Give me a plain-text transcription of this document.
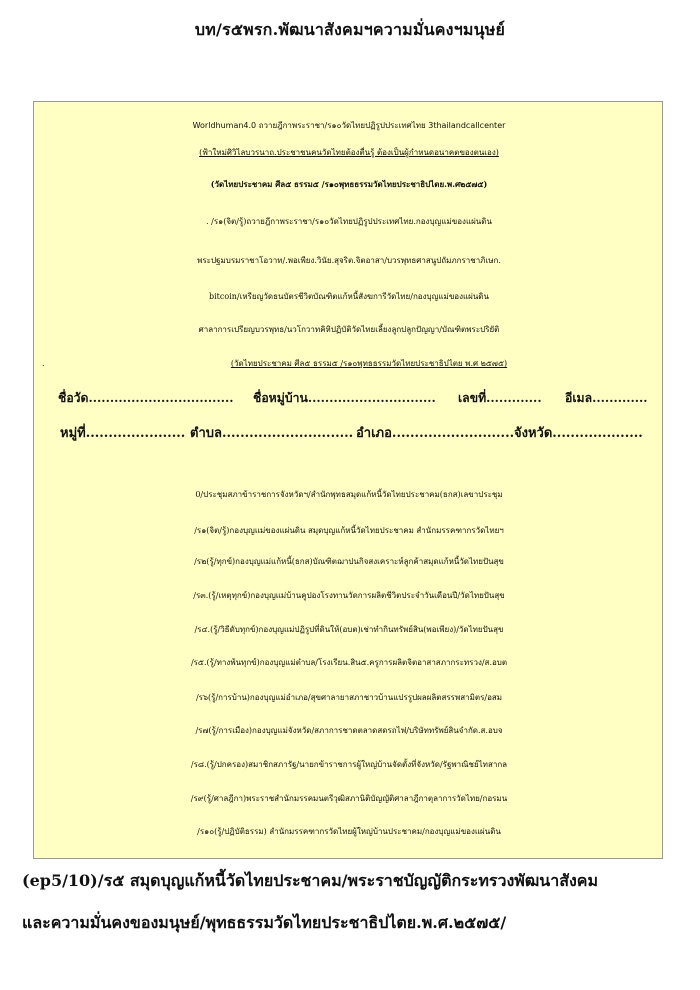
บท/ร๕พรก.พัฒนาสังคมฯความมั่นคงฯมนุษย์
Worldhuman4.0 ถวายฎีกาพระราชา/ร๑๐วัดไทยปฏิรูปประเทศไทย 3thailandcallcenter
(ฟ้าใหม่ศิวิไลบวรนาถ.ประชาชนคนวัดไทยต้องตื่นรู้ ต้องเป็นผู้กำหนดอนาคตของตนเอง)
(วัดไทยประชาคม ศีล๕ ธรรม๕ /ร๑๐พุทธธรรมวัดไทยประชาธิปไตย.พ.ศ๒๕๗๕)
. /ร๑(จิต/รู้)ถวายฎีกาพระราชา/ร๑๐วัดไทยปฏิรูปประเทศไทย.กองบุญแม่ของแผ่นดิน
พระปฐมบรมราชาโอวาท/.พอเพียง.วินัย.สุจริต.จิตอาสา/บวรพุทธศาสนูปถัมภกราชาภิเษก.
bitcoin/เหรียญวัดธนบัตรชีวิตบัณฑิตแก้หนี้สังฆการีวัดไทย/กองบุญแม่ของแผ่นดิน
ศาลาการเปรียญบวรพุทธ/นวโกวาทคิหิปฏิบัติวัดไทยเลี้ยงลูกปลูกปัญญา/บัณฑิตพระปริยัติ
.	(วัดไทยประชาคม ศีล๕ ธรรม๕ /ร๑๐พุทธธรรมวัดไทยประชาธิปไตย พ.ศ ๒๕๗๕)
ชื่อวัด.................................. ชื่อหมู่บ้าน.............................. เลขที่............. อีเมล.............
หมู่ที่...................... ตำบล............................. อำเภอ........................... จังหวัด....................
0/ประชุมสภาข้าราชการจังหวัดฯ/สำนักพุทธสมุดแก้หนี้วัดไทยประชาคม(ธกส)เลขาประชุม
/ร๑(จิต/รู้)กองบุญแม่ของแผ่นดิน สมุดบุญแก้หนี้วัดไทยประชาคม สำนักมรรคฑากรวัดไทยฯ
/ร๒(รู้/ทุกข์)กองบุญแม่แก้หนี้(ธกส)บัณฑิตฌาปนกิจสงเคราะห์ลูกค้าสมุดแก้หนี้วัดไทยปันสุข
/ร๓.(รู้/เหตุทุกข์)กองบุญแม่บ้านคูปองโรงทานวัดการผลิตชีวิตประจำวันเดือนปี/วัดไทยปันสุข
/ร๔.(รู้/วิธีดับทุกข์)กองบุญแม่ปฏิรูปที่ดินให้(อบต)เช่าทำกินทรัพย์สิน(พอเพียง)/วัดไทยปันสุข
/ร๕.(รู้/ทางพ้นทุกข์)กองบุญแม่ตำบล/โรงเรียน.สิน๕.ครูการผลิตจิตอาสาสภากระทรวง/ส.อบต
/ร๖(รู้/การบ้าน)กองบุญแม่อำเภอ/สุขศาลายาสภาชาวบ้านแปรรูปผลผลิตสรรพสามิตร/อสม
/ร๗(รู้/การเมือง)กองบุญแม่จังหวัด/สภาการชาดตลาดสดรถไฟ/บริษัททรัพย์สินจำกัด.ส.อบจ
/ร๘.(รู้/ปกครอง)สมาชิกสภารัฐ/นายกข้าราชการผู้ใหญ่บ้านจัดตั้งที่จังหวัด/รัฐพาณิชย์ไทสากล
/ร๙(รู้/ศาลฎีกา)พระราชสำนักมรรคมนตรีวุฒิสภานิติบัญญัติศาลาฎีกาตุลาการวัดไทย/กอรมน
/ร๑๐(รู้/ปฏิบัติธรรม) สำนักมรรคฑากรวัดไทยผู้ใหญ่บ้านประชาคม/กองบุญแม่ของแผ่นดิน
(ep5/10)/ร๕ สมุดบุญแก้หนี้วัดไทยประชาคม/พระราชบัญญัติกระทรวงพัฒนาสังคม
และความมั่นคงของมนุษย์/พุทธธรรมวัดไทยประชาธิปไตย.พ.ศ.๒๕๗๕/
